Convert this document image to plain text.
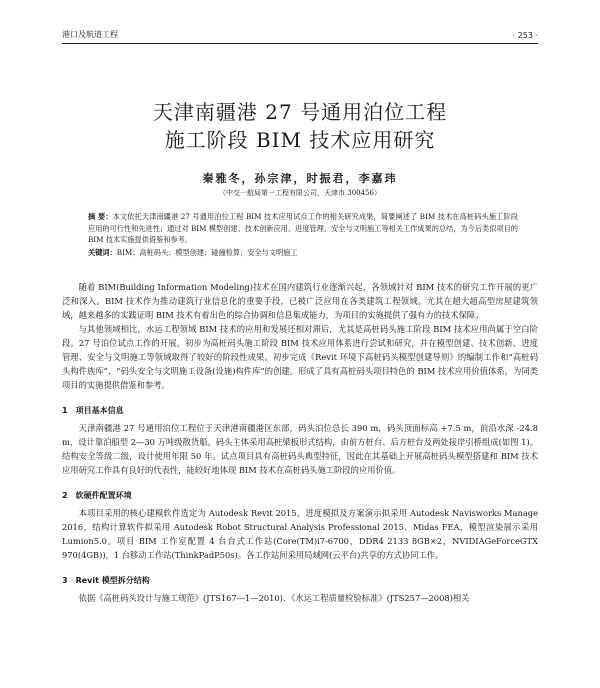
港口及航道工程	· 253 ·
天津南疆港 27 号通用泊位工程
施工阶段 BIM 技术应用研究
秦雅冬，孙宗津，时振君，李嘉玮
（中交一航局第一工程有限公司，天津市 300456）
摘 要：本文依托天津南疆港 27 号通用泊位工程 BIM 技术应用试点工作的相关研究成果，简要阐述了 BIM 技术在高桩码头施工阶段应用的可行性和先进性；通过对 BIM 模型创建、技术创新应用、进度管理、安全与文明施工等相关工作成果的总结，为今后类似项目的 BIM 技术实施提供借鉴和参考。
关键词：BIM；高桩码头；模型创建；碰撞检算；安全与文明施工

随着 BIM(Building Information Modeling)技术在国内建筑行业逐渐兴起，各领域针对 BIM 技术的研究工作开展的更广泛和深入。BIM 技术作为推动建筑行业信息化的重要手段，已被广泛应用在各类建筑工程领域。尤其在超大超高型房屋建筑领域，越来越多的实践证明 BIM 技术有着出色的综合协调和信息集成能力，为项目的实施提供了强有力的技术保障。

与其他领域相比，水运工程领域 BIM 技术的应用和发展还相对滞后，尤其是高桩码头施工阶段 BIM 技术应用尚属于空白阶段。27 号泊位试点工作的开展，初步为高桩码头施工阶段 BIM 技术应用体系进行尝试和研究，并在模型创建、技术创新、进度管理、安全与文明施工等领域取得了较好的阶段性成果。初步完成《Revit 环境下高桩码头模型创建导则》的编制工作和“高桩码头构件族库”、“码头安全与文明施工设备(设施)构件库”的创建。形成了具有高桩码头项目特色的 BIM 技术应用价值体系，为同类项目的实施提供借鉴和参考。

1 项目基本信息

天津南疆港 27 号通用泊位工程位于天津港南疆港区东部，码头泊位总长 390 m，码头顶面标高 +7.5 m，前沿水深 -24.8 m，设计靠泊船型 2—30 万吨级散货船。码头主体采用高桩梁板形式结构，由前方桩台、后方桩台及两处接岸引桥组成(如图 1)。结构安全等级二级，设计使用年限 50 年。试点项目具有高桩码头典型特征，因此在其基础上开展高桩码头模型搭建和 BIM 技术应用研究工作具有良好的代表性，能较好地体现 BIM 技术在高桩码头施工阶段的应用价值。

2 软硬件配置环境

本项目采用的核心建模软件选定为 Autodesk Revit 2015，进度模拟及方案演示拟采用 Autodesk Navisworks Manage 2016，结构计算软件拟采用 Autodesk Robot Structural Analysis Professional 2015、Midas FEA，模型渲染展示采用 Lumion5.0。项目 BIM 工作室配置 4 台台式工作站(Core(TM)i7-6700，DDR4 2133 8GB×2，NVIDIAGeForceGTX 970(4GB))，1 台移动工作站(ThinkPadP50s)。各工作站间采用局域网(云平台)共享的方式协同工作。

3 Revit 模型拆分结构

依据《高桩码头设计与施工规范》(JTS167—1—2010)、《水运工程质量检验标准》(JTS257—2008)相关
